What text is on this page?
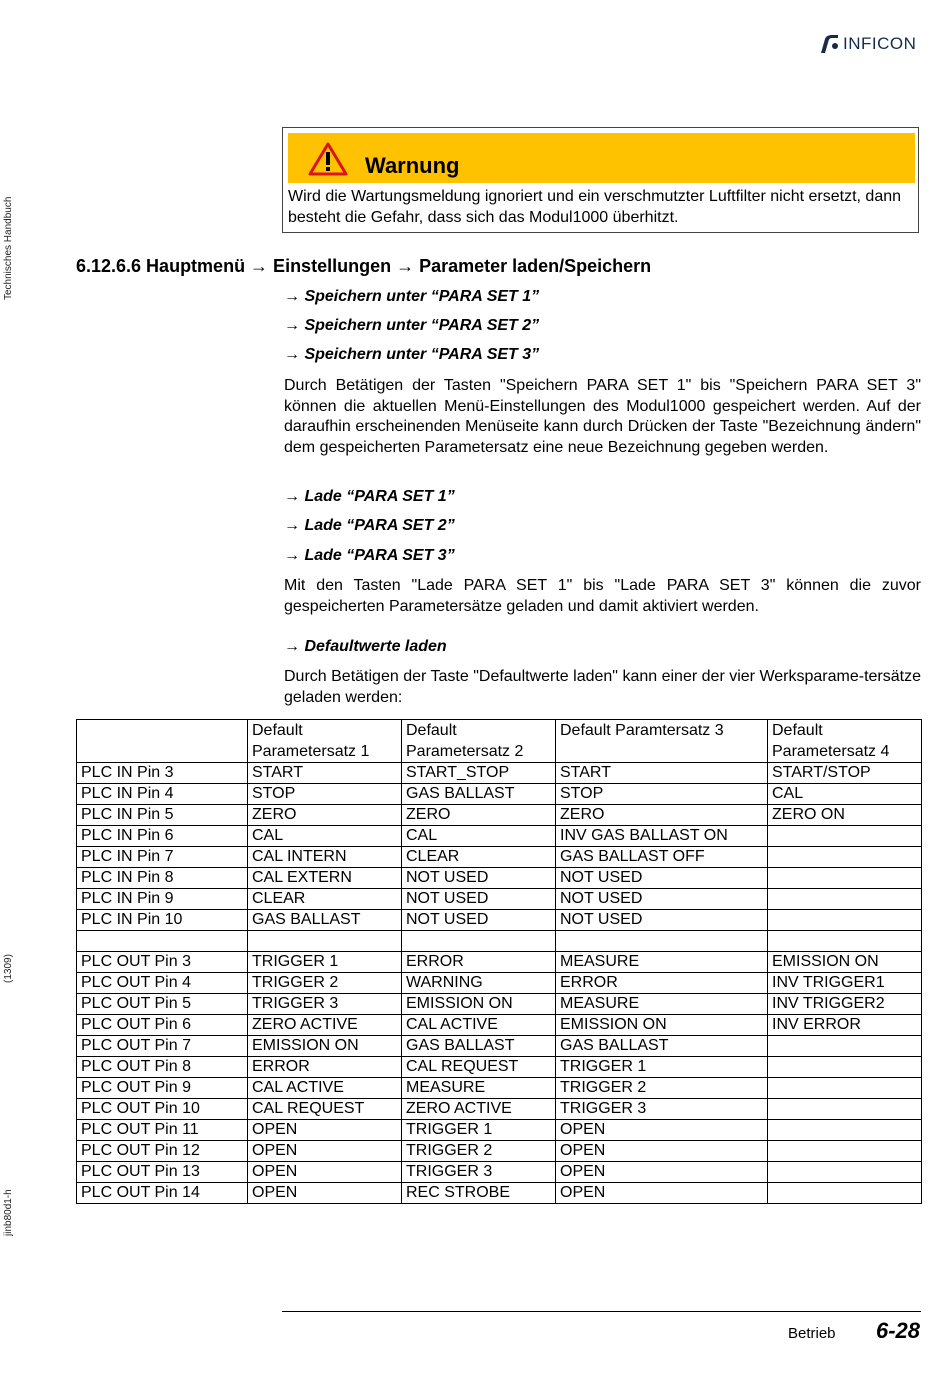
INFICON
Technisches Handbuch
(1309)
jinb80d1-h
Warnung
Wird die Wartungsmeldung ignoriert und ein verschmutzter Luftfilter nicht ersetzt, dann besteht die Gefahr, dass sich das Modul1000 überhitzt.
6.12.6.6 Hauptmenü → Einstellungen → Parameter laden/Speichern
→ Speichern unter “PARA SET 1”
→ Speichern unter “PARA SET 2”
→ Speichern unter “PARA SET 3”
Durch Betätigen der Tasten "Speichern PARA SET 1" bis "Speichern PARA SET 3" können die aktuellen Menü-Einstellungen des Modul1000 gespeichert werden. Auf der daraufhin erscheinenden Menüseite kann durch Drücken der Taste "Bezeichnung ändern" dem gespeicherten Parametersatz eine neue Bezeichnung gegeben werden.
→ Lade “PARA SET 1”
→ Lade “PARA SET 2”
→ Lade “PARA SET 3”
Mit den Tasten "Lade PARA SET 1" bis "Lade PARA SET 3" können die zuvor gespeicherten Parametersätze geladen und damit aktiviert werden.
→ Defaultwerte laden
Durch Betätigen der Taste "Defaultwerte laden" kann einer der vier Werksparame-tersätze geladen werden:
	Default Parametersatz 1	Default Parametersatz 2	Default Paramtersatz 3	Default Parametersatz 4
PLC IN Pin 3	START	START_STOP	START	START/STOP
PLC IN Pin 4	STOP	GAS BALLAST	STOP	CAL
PLC IN Pin 5	ZERO	ZERO	ZERO	ZERO ON
PLC IN Pin 6	CAL	CAL	INV GAS BALLAST ON	
PLC IN Pin 7	CAL INTERN	CLEAR	GAS BALLAST OFF	
PLC IN Pin 8	CAL EXTERN	NOT USED	NOT USED	
PLC IN Pin 9	CLEAR	NOT USED	NOT USED	
PLC IN Pin 10	GAS BALLAST	NOT USED	NOT USED	

PLC OUT Pin 3	TRIGGER 1	ERROR	MEASURE	EMISSION ON
PLC OUT Pin 4	TRIGGER 2	WARNING	ERROR	INV TRIGGER1
PLC OUT Pin 5	TRIGGER 3	EMISSION ON	MEASURE	INV TRIGGER2
PLC OUT Pin 6	ZERO ACTIVE	CAL ACTIVE	EMISSION ON	INV ERROR
PLC OUT Pin 7	EMISSION ON	GAS BALLAST	GAS BALLAST	
PLC OUT Pin 8	ERROR	CAL REQUEST	TRIGGER 1	
PLC OUT Pin 9	CAL ACTIVE	MEASURE	TRIGGER 2	
PLC OUT Pin 10	CAL REQUEST	ZERO ACTIVE	TRIGGER 3	
PLC OUT Pin 11	OPEN	TRIGGER 1	OPEN	
PLC OUT Pin 12	OPEN	TRIGGER 2	OPEN	
PLC OUT Pin 13	OPEN	TRIGGER 3	OPEN	
PLC OUT Pin 14	OPEN	REC STROBE	OPEN	
Betrieb 6-28
